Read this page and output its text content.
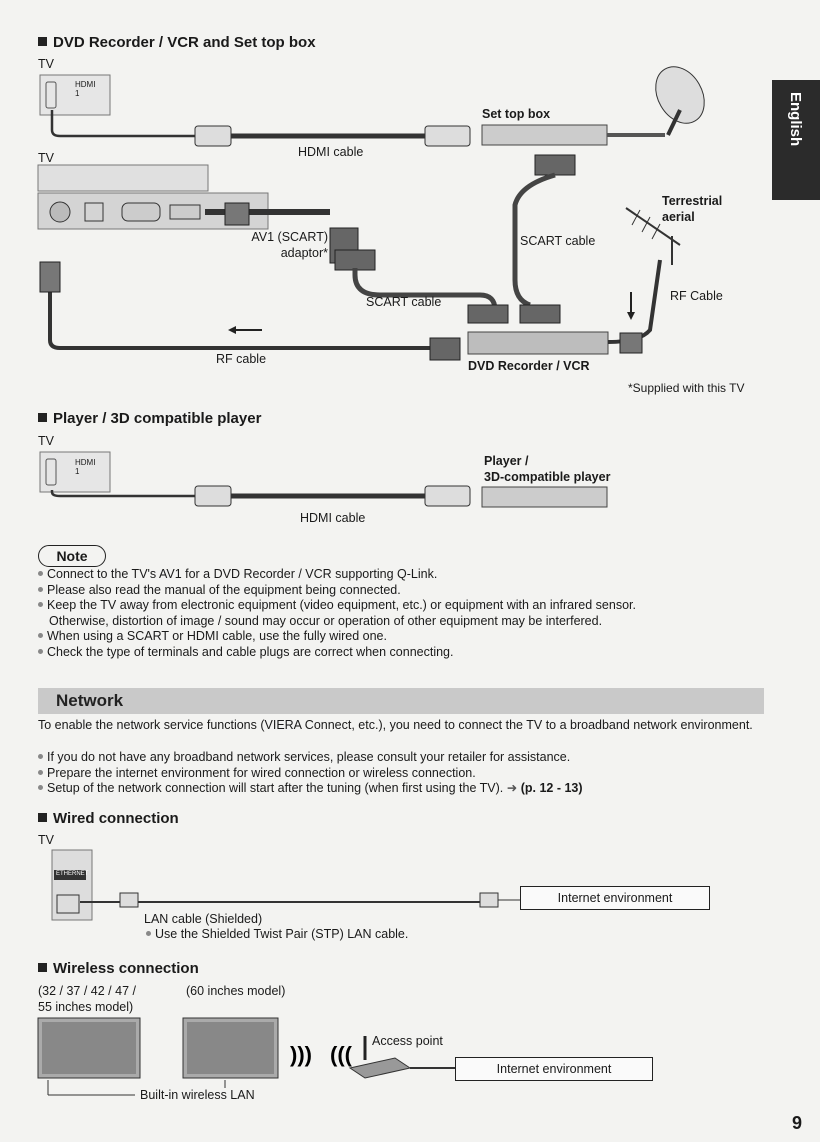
English
))) (((
DVD Recorder / VCR and Set top box
TV
HDMI
1
Set top box
HDMI cable
TV
Terrestrial aerial
AV1 (SCART) adaptor*
SCART cable
SCART cable	RF Cable
RF cable	DVD Recorder / VCR
*Supplied with this TV
Player / 3D compatible player
TV
HDMI
1
Player /
3D-compatible player
HDMI cable
Note
Connect to the TV's AV1 for a DVD Recorder / VCR supporting Q-Link.
Please also read the manual of the equipment being connected.
Keep the TV away from electronic equipment (video equipment, etc.) or equipment with an infrared sensor.
Otherwise, distortion of image / sound may occur or operation of other equipment may be interfered.
When using a SCART or HDMI cable, use the fully wired one.
Check the type of terminals and cable plugs are correct when connecting.
Network
To enable the network service functions (VIERA Connect, etc.), you need to connect the TV to a broadband network environment.
If you do not have any broadband network services, please consult your retailer for assistance.
Prepare the internet environment for wired connection or wireless connection.
Setup of the network connection will start after the tuning (when first using the TV). ➜ (p. 12 - 13)
Wired connection
TV
ETHERNET
Internet environment
LAN cable (Shielded)
Use the Shielded Twist Pair (STP) LAN cable.
Wireless connection
(32 / 37 / 42 / 47 /
55 inches model)
(60 inches model)
Access point
Internet environment
Built-in wireless LAN
9
